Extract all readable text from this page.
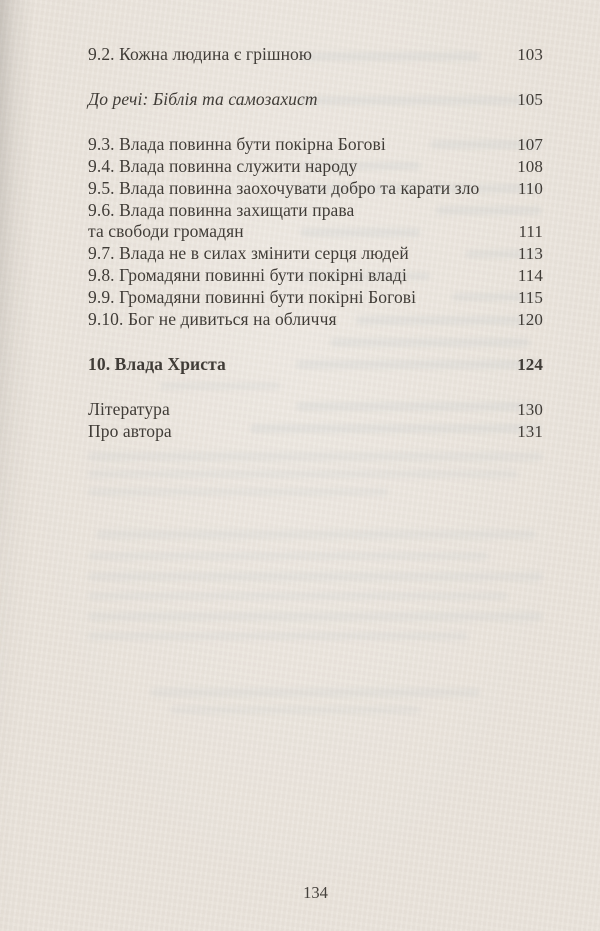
9.2. Кожна людина є грішною	103
До речі: Біблія та самозахист	105
9.3. Влада повинна бути покірна Богові	107
9.4. Влада повинна служити народу	108
9.5. Влада повинна заохочувати добро та карати зло	110
9.6. Влада повинна захищати права
та свободи громадян	111
9.7. Влада не в силах змінити серця людей	113
9.8. Громадяни повинні бути покірні владі	114
9.9. Громадяни повинні бути покірні Богові	115
9.10. Бог не дивиться на обличчя	120
10. Влада Христа	124
Література	130
Про автора	131
134
